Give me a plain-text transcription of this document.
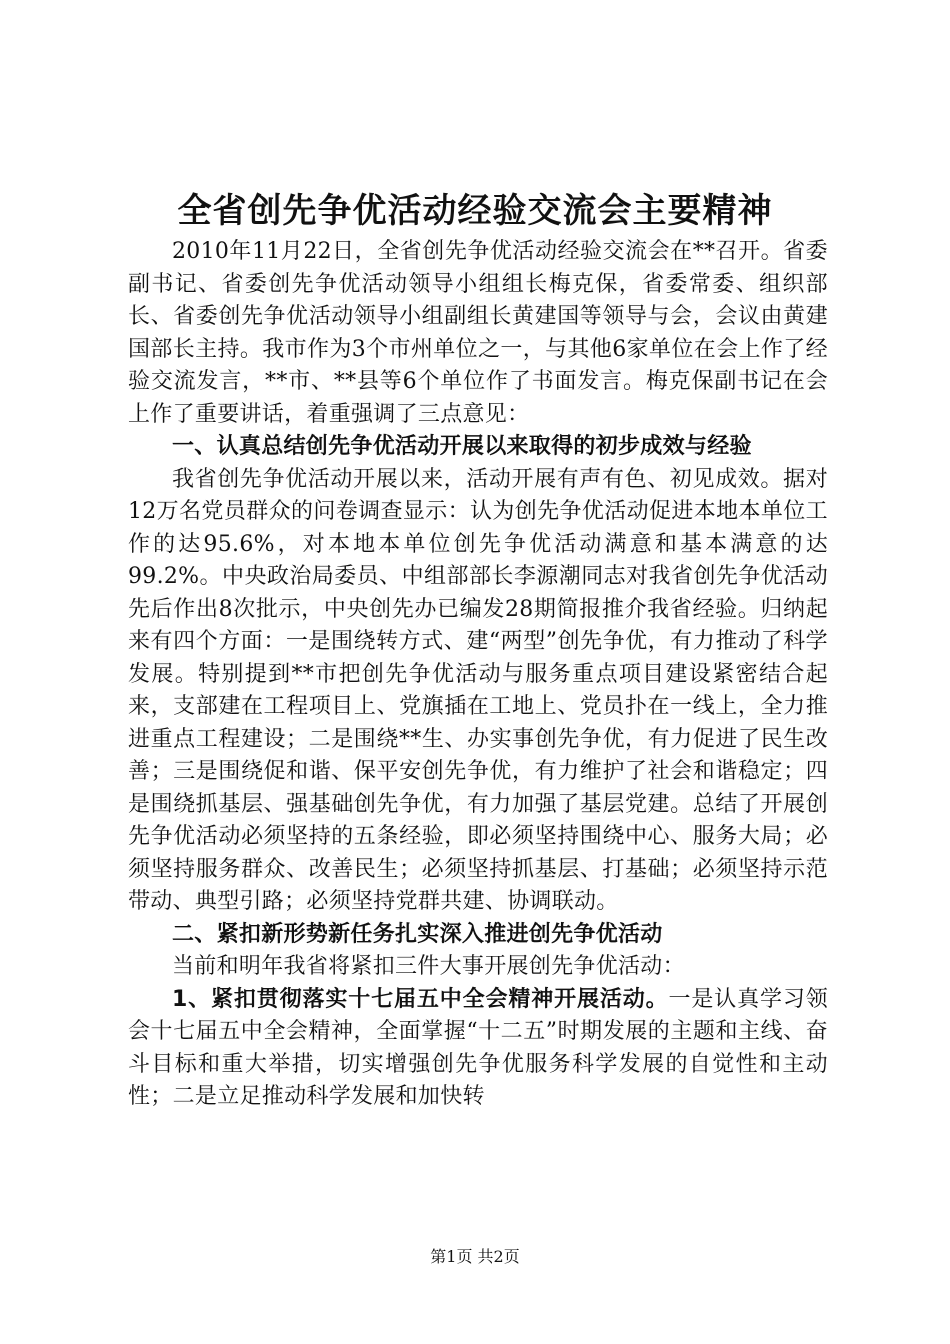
全省创先争优活动经验交流会主要精神

2010年11月22日，全省创先争优活动经验交流会在**召开。省委副书记、省委创先争优活动领导小组组长梅克保，省委常委、组织部长、省委创先争优活动领导小组副组长黄建国等领导与会，会议由黄建国部长主持。我市作为3个市州单位之一，与其他6家单位在会上作了经验交流发言，**市、**县等6个单位作了书面发言。梅克保副书记在会上作了重要讲话，着重强调了三点意见：

一、认真总结创先争优活动开展以来取得的初步成效与经验

我省创先争优活动开展以来，活动开展有声有色、初见成效。据对12万名党员群众的问卷调查显示：认为创先争优活动促进本地本单位工作的达95.6%，对本地本单位创先争优活动满意和基本满意的达99.2%。中央政治局委员、中组部部长李源潮同志对我省创先争优活动先后作出8次批示，中央创先办已编发28期简报推介我省经验。归纳起来有四个方面：一是围绕转方式、建“两型”创先争优，有力推动了科学发展。特别提到**市把创先争优活动与服务重点项目建设紧密结合起来，支部建在工程项目上、党旗插在工地上、党员扑在一线上，全力推进重点工程建设；二是围绕**生、办实事创先争优，有力促进了民生改善；三是围绕促和谐、保平安创先争优，有力维护了社会和谐稳定；四是围绕抓基层、强基础创先争优，有力加强了基层党建。总结了开展创先争优活动必须坚持的五条经验，即必须坚持围绕中心、服务大局；必须坚持服务群众、改善民生；必须坚持抓基层、打基础；必须坚持示范带动、典型引路；必须坚持党群共建、协调联动。

二、紧扣新形势新任务扎实深入推进创先争优活动

当前和明年我省将紧扣三件大事开展创先争优活动：

1、紧扣贯彻落实十七届五中全会精神开展活动。一是认真学习领会十七届五中全会精神，全面掌握“十二五”时期发展的主题和主线、奋斗目标和重大举措，切实增强创先争优服务科学发展的自觉性和主动性；二是立足推动科学发展和加快转

第1页 共2页
